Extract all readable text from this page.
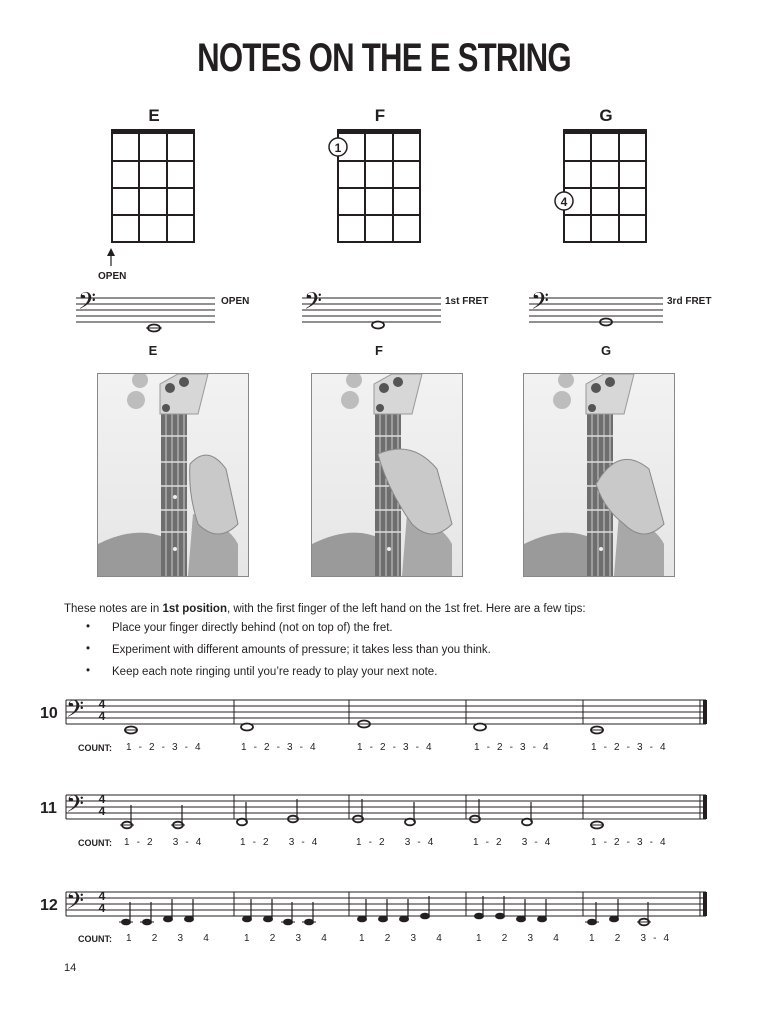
NOTES ON THE E STRING
E	F	G
1
4
OPEN
𝄢	𝄢	𝄢
OPEN	1st FRET	3rd FRET
E	F	G
These notes are in 1st position, with the first finger of the left hand on the 1st fret. Here are a few tips:
• Place your finger directly behind (not on top of) the fret.
• Experiment with different amounts of pressure; it takes less than you think.
• Keep each note ringing until you’re ready to play your next note.
10 𝄢 4
4
COUNT: 1  -  2  -  3  -  4	1  -  2  -  3  -  4	1  -  2  -  3  -  4	1  -  2  -  3  -  4	1  -  2  -  3  -  4
11 𝄢 4
4
COUNT: 1  -  2      3  -  4	1  -  2      3  -  4	1  -  2      3  -  4	1  -  2      3  -  4	1  -  2  -  3  -  4
12 𝄢 4
4
COUNT: 1      2      3      4	1      2      3      4	1      2      3      4	1      2      3      4	1      2      3  -  4
14
